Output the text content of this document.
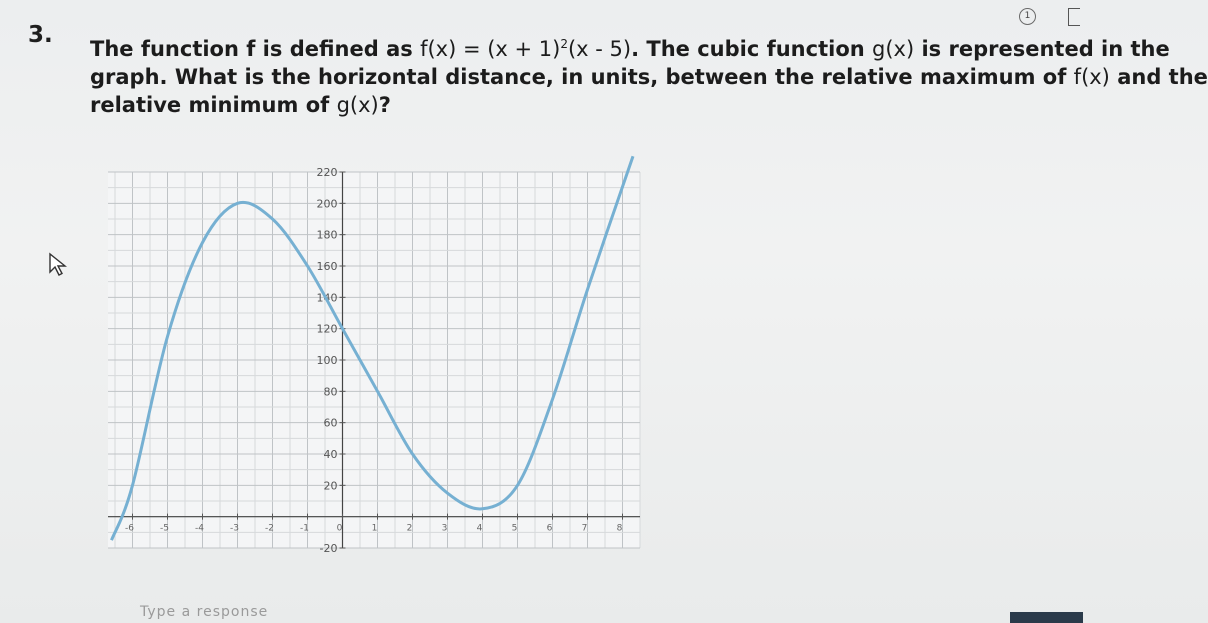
3.
The function f is defined as $f(x) = (x + 1)^2(x - 5)$. The cubic function g(x) is represented in the
graph. What is the horizontal distance, in units, between the relative maximum of f(x) and the
relative minimum of g(x)?
1
-6	-5	-4	-3	-2	-1	0	1	2	3	4	5	6	7	8
220
200
180
160
140
120
100
80
60
40
20
-20
Type a response
